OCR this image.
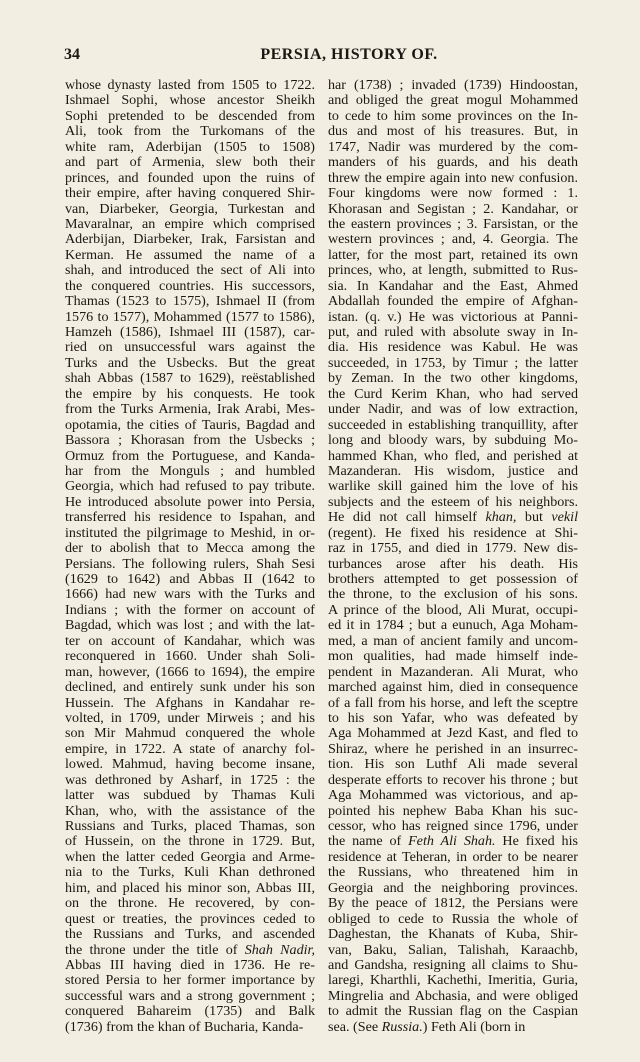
34	PERSIA, HISTORY OF.
whose dynasty lasted from 1505 to 1722.
Ishmael Sophi, whose ancestor Sheikh
Sophi pretended to be descended from
Ali, took from the Turkomans of the
white ram, Aderbijan (1505 to 1508)
and part of Armenia, slew both their
princes, and founded upon the ruins of
their empire, after having conquered Shir-
van, Diarbeker, Georgia, Turkestan and
Mavaralnar, an empire which comprised
Aderbijan, Diarbeker, Irak, Farsistan and
Kerman. He assumed the name of a
shah, and introduced the sect of Ali into
the conquered countries. His successors,
Thamas (1523 to 1575), Ishmael II (from
1576 to 1577), Mohammed (1577 to 1586),
Hamzeh (1586), Ishmael III (1587), car-
ried on unsuccessful wars against the
Turks and the Usbecks. But the great
shah Abbas (1587 to 1629), reëstablished
the empire by his conquests. He took
from the Turks Armenia, Irak Arabi, Mes-
opotamia, the cities of Tauris, Bagdad and
Bassora ; Khorasan from the Usbecks ;
Ormuz from the Portuguese, and Kanda-
har from the Monguls ; and humbled
Georgia, which had refused to pay tribute.
He introduced absolute power into Persia,
transferred his residence to Ispahan, and
instituted the pilgrimage to Meshid, in or-
der to abolish that to Mecca among the
Persians. The following rulers, Shah Sesi
(1629 to 1642) and Abbas II (1642 to
1666) had new wars with the Turks and
Indians ; with the former on account of
Bagdad, which was lost ; and with the lat-
ter on account of Kandahar, which was
reconquered in 1660. Under shah Soli-
man, however, (1666 to 1694), the empire
declined, and entirely sunk under his son
Hussein. The Afghans in Kandahar re-
volted, in 1709, under Mirweis ; and his
son Mir Mahmud conquered the whole
empire, in 1722. A state of anarchy fol-
lowed. Mahmud, having become insane,
was dethroned by Asharf, in 1725 : the
latter was subdued by Thamas Kuli
Khan, who, with the assistance of the
Russians and Turks, placed Thamas, son
of Hussein, on the throne in 1729. But,
when the latter ceded Georgia and Arme-
nia to the Turks, Kuli Khan dethroned
him, and placed his minor son, Abbas III,
on the throne. He recovered, by con-
quest or treaties, the provinces ceded to
the Russians and Turks, and ascended
the throne under the title of Shah Nadir,
Abbas III having died in 1736. He re-
stored Persia to her former importance by
successful wars and a strong government ;
conquered Bahareim (1735) and Balk
(1736) from the khan of Bucharia, Kanda-
har (1738) ; invaded (1739) Hindoostan,
and obliged the great mogul Mohammed
to cede to him some provinces on the In-
dus and most of his treasures. But, in
1747, Nadir was murdered by the com-
manders of his guards, and his death
threw the empire again into new confusion.
Four kingdoms were now formed : 1.
Khorasan and Segistan ; 2. Kandahar, or
the eastern provinces ; 3. Farsistan, or the
western provinces ; and, 4. Georgia. The
latter, for the most part, retained its own
princes, who, at length, submitted to Rus-
sia. In Kandahar and the East, Ahmed
Abdallah founded the empire of Afghan-
istan. (q. v.) He was victorious at Panni-
put, and ruled with absolute sway in In-
dia. His residence was Kabul. He was
succeeded, in 1753, by Timur ; the latter
by Zeman. In the two other kingdoms,
the Curd Kerim Khan, who had served
under Nadir, and was of low extraction,
succeeded in establishing tranquillity, after
long and bloody wars, by subduing Mo-
hammed Khan, who fled, and perished at
Mazanderan. His wisdom, justice and
warlike skill gained him the love of his
subjects and the esteem of his neighbors.
He did not call himself khan, but vekil
(regent). He fixed his residence at Shi-
raz in 1755, and died in 1779. New dis-
turbances arose after his death. His
brothers attempted to get possession of
the throne, to the exclusion of his sons.
A prince of the blood, Ali Murat, occupi-
ed it in 1784 ; but a eunuch, Aga Moham-
med, a man of ancient family and uncom-
mon qualities, had made himself inde-
pendent in Mazanderan. Ali Murat, who
marched against him, died in consequence
of a fall from his horse, and left the sceptre
to his son Yafar, who was defeated by
Aga Mohammed at Jezd Kast, and fled to
Shiraz, where he perished in an insurrec-
tion. His son Luthf Ali made several
desperate efforts to recover his throne ; but
Aga Mohammed was victorious, and ap-
pointed his nephew Baba Khan his suc-
cessor, who has reigned since 1796, under
the name of Feth Ali Shah. He fixed his
residence at Teheran, in order to be nearer
the Russians, who threatened him in
Georgia and the neighboring provinces.
By the peace of 1812, the Persians were
obliged to cede to Russia the whole of
Daghestan, the Khanats of Kuba, Shir-
van, Baku, Salian, Talishah, Karaachb,
and Gandsha, resigning all claims to Shu-
laregi, Kharthli, Kachethi, Imeritia, Guria,
Mingrelia and Abchasia, and were obliged
to admit the Russian flag on the Caspian
sea. (See Russia.) Feth Ali (born in
